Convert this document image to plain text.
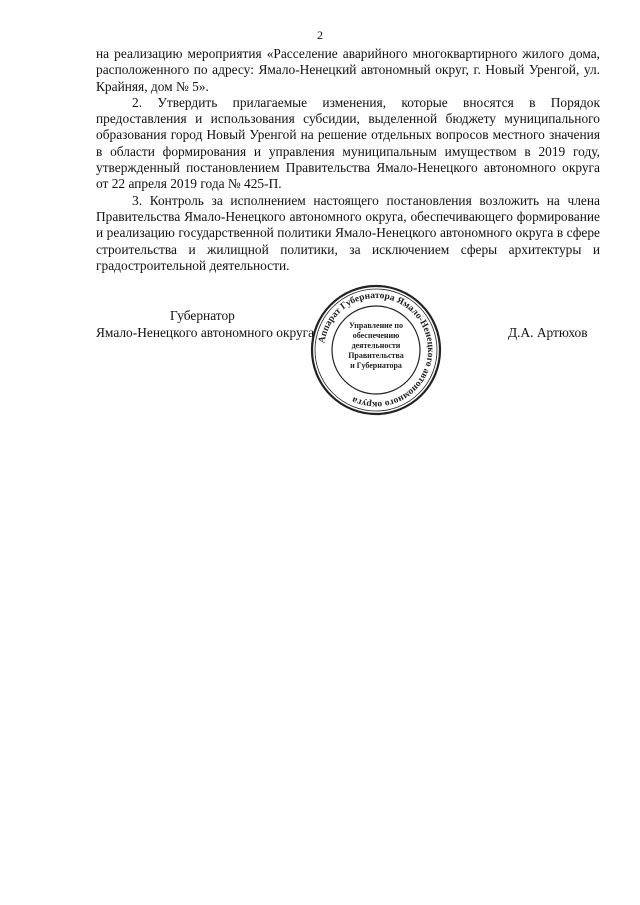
2

на реализацию мероприятия «Расселение аварийного многоквартирного жилого дома, расположенного по адресу: Ямало-Ненецкий автономный округ, г. Новый Уренгой, ул. Крайняя, дом № 5».

2. Утвердить прилагаемые изменения, которые вносятся в Порядок предоставления и использования субсидии, выделенной бюджету муниципального образования город Новый Уренгой на решение отдельных вопросов местного значения в области формирования и управления муниципальным имуществом в 2019 году, утвержденный постановлением Правительства Ямало-Ненецкого автономного округа от 22 апреля 2019 года № 425-П.

3. Контроль за исполнением настоящего постановления возложить на члена Правительства Ямало-Ненецкого автономного округа, обеспечивающего формирование и реализацию государственной политики Ямало-Ненецкого автономного округа в сфере строительства и жилищной политики, за исключением сферы архитектуры и градостроительной деятельности.

Губернатор
Ямало-Ненецкого автономного округа	Д.А. Артюхов
Аппарат Губернатора Ямало-Ненецкого автономного округа
Управление по
обеспечению
деятельности
Правительства
и Губернатора
